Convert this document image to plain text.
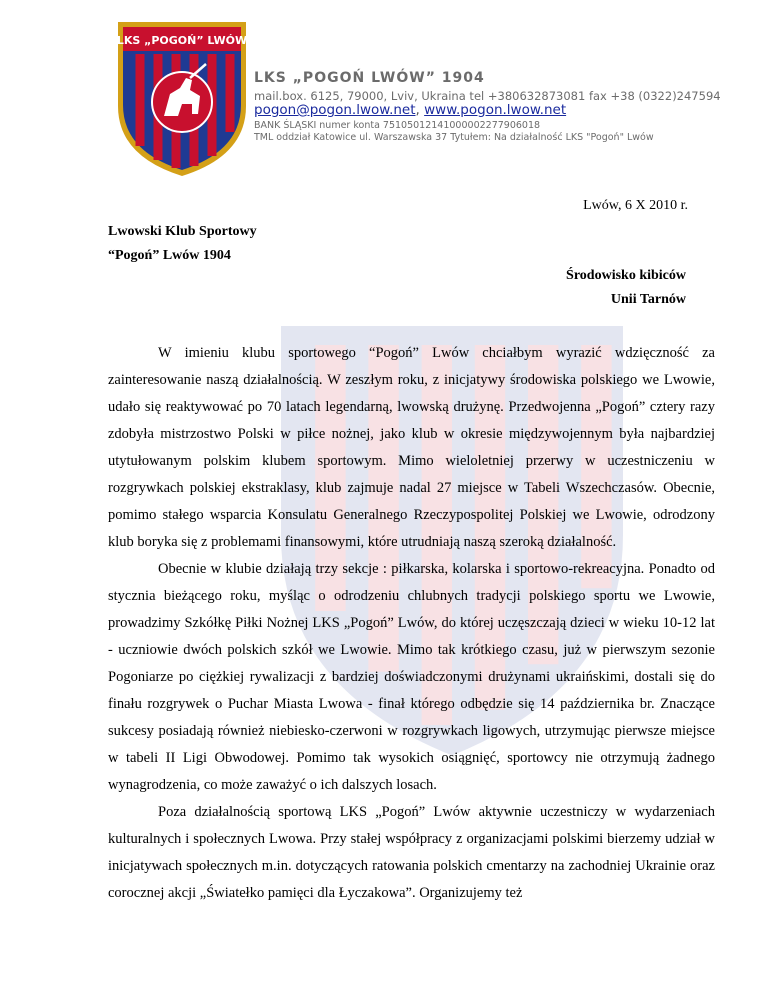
LKS „POGOŃ” LWÓW
LKS „POGOŃ LWÓW” 1904
mail.box. 6125, 79000, Lviv, Ukraina tel +380632873081 fax +38 (0322)247594
pogon@pogon.lwow.net, www.pogon.lwow.net
BANK ŚLĄSKI numer konta 75105012141000002277906018
TML oddział Katowice ul. Warszawska 37 Tytułem: Na działalność LKS "Pogoń" Lwów
Lwów, 6 X 2010 r.
Lwowski Klub Sportowy
“Pogoń” Lwów 1904
Środowisko kibiców
Unii Tarnów

W imieniu klubu sportowego “Pogoń” Lwów chciałbym wyrazić wdzięczność za zainteresowanie naszą działalnością. W zeszłym roku, z inicjatywy środowiska polskiego we Lwowie, udało się reaktywować po 70 latach legendarną, lwowską drużynę. Przedwojenna „Pogoń” cztery razy zdobyła mistrzostwo Polski w piłce nożnej, jako klub w okresie międzywojennym była najbardziej utytułowanym polskim klubem sportowym. Mimo wieloletniej przerwy w uczestniczeniu w rozgrywkach polskiej ekstraklasy, klub zajmuje nadal 27 miejsce w Tabeli Wszechczasów. Obecnie, pomimo stałego wsparcia Konsulatu Generalnego Rzeczypospolitej Polskiej we Lwowie, odrodzony klub boryka się z problemami finansowymi, które utrudniają naszą szeroką działalność.

Obecnie w klubie działają trzy sekcje : piłkarska, kolarska i sportowo-rekreacyjna. Ponadto od stycznia bieżącego roku, myśląc o odrodzeniu chlubnych tradycji polskiego sportu we Lwowie, prowadzimy Szkółkę Piłki Nożnej LKS „Pogoń” Lwów, do której uczęszczają dzieci w wieku 10-12 lat - uczniowie dwóch polskich szkół we Lwowie. Mimo tak krótkiego czasu, już w pierwszym sezonie Pogoniarze po ciężkiej rywalizacji z bardziej doświadczonymi drużynami ukraińskimi, dostali się do finału rozgrywek o Puchar Miasta Lwowa - finał którego odbędzie się 14 października br. Znaczące sukcesy posiadają również niebiesko-czerwoni w rozgrywkach ligowych, utrzymując pierwsze miejsce w tabeli II Ligi Obwodowej. Pomimo tak wysokich osiągnięć, sportowcy nie otrzymują żadnego wynagrodzenia, co może zaważyć o ich dalszych losach.

Poza działalnością sportową LKS „Pogoń” Lwów aktywnie uczestniczy w wydarzeniach kulturalnych i społecznych Lwowa. Przy stałej współpracy z organizacjami polskimi bierzemy udział w inicjatywach społecznych m.in. dotyczących ratowania polskich cmentarzy na zachodniej Ukrainie oraz corocznej akcji „Światełko pamięci dla Łyczakowa”. Organizujemy też
